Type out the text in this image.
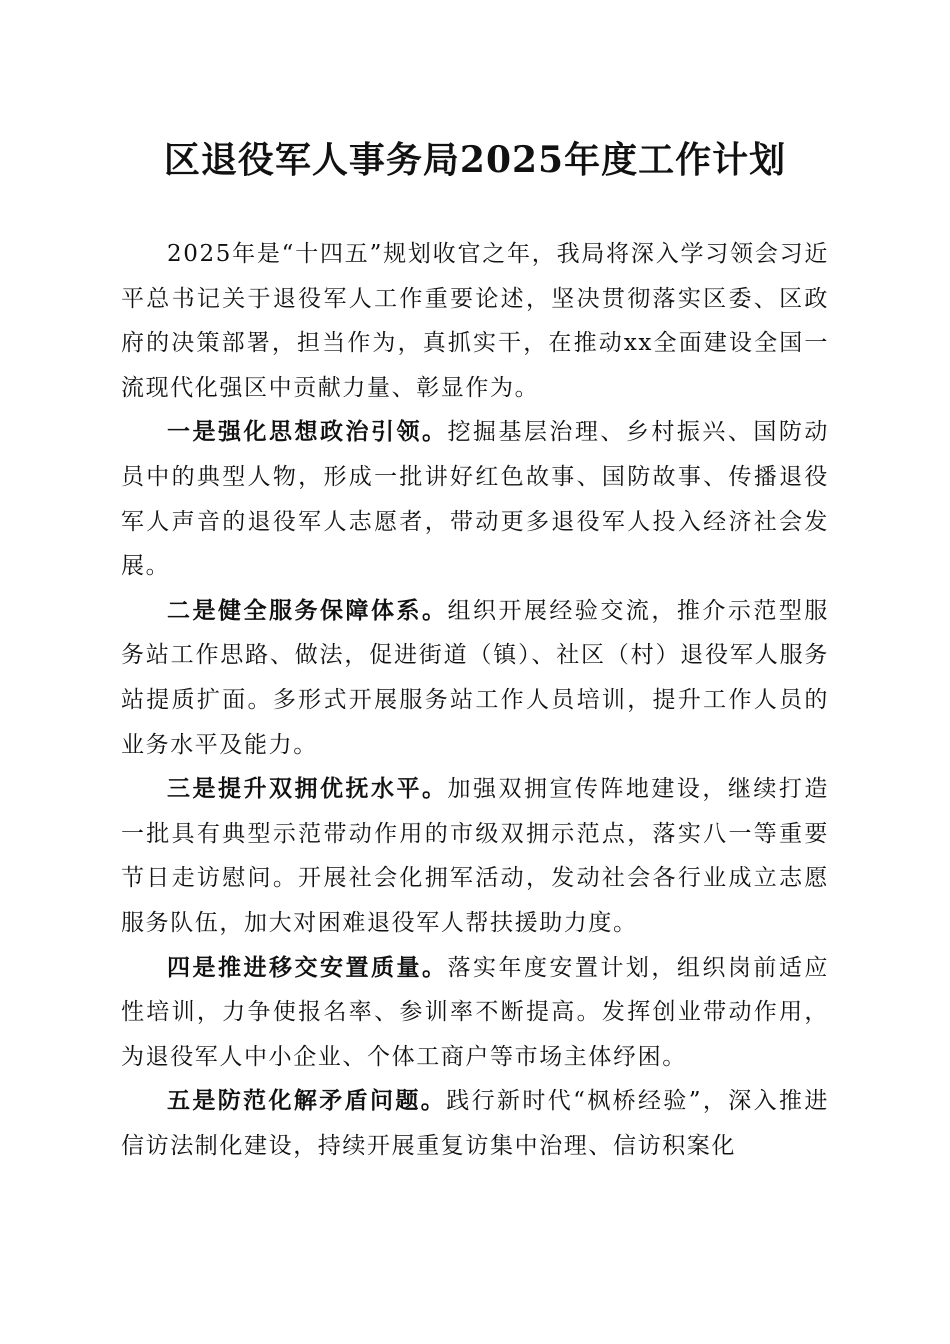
区退役军人事务局2025年度工作计划

2025年是“十四五”规划收官之年，我局将深入学习领会习近平总书记关于退役军人工作重要论述，坚决贯彻落实区委、区政府的决策部署，担当作为，真抓实干，在推动xx全面建设全国一流现代化强区中贡献力量、彰显作为。

一是强化思想政治引领。挖掘基层治理、乡村振兴、国防动员中的典型人物，形成一批讲好红色故事、国防故事、传播退役军人声音的退役军人志愿者，带动更多退役军人投入经济社会发展。

二是健全服务保障体系。组织开展经验交流，推介示范型服务站工作思路、做法，促进街道（镇）、社区（村）退役军人服务站提质扩面。多形式开展服务站工作人员培训，提升工作人员的业务水平及能力。

三是提升双拥优抚水平。加强双拥宣传阵地建设，继续打造一批具有典型示范带动作用的市级双拥示范点，落实八一等重要节日走访慰问。开展社会化拥军活动，发动社会各行业成立志愿服务队伍，加大对困难退役军人帮扶援助力度。

四是推进移交安置质量。落实年度安置计划，组织岗前适应性培训，力争使报名率、参训率不断提高。发挥创业带动作用，为退役军人中小企业、个体工商户等市场主体纾困。

五是防范化解矛盾问题。践行新时代“枫桥经验”，深入推进信访法制化建设，持续开展重复访集中治理、信访积案化
